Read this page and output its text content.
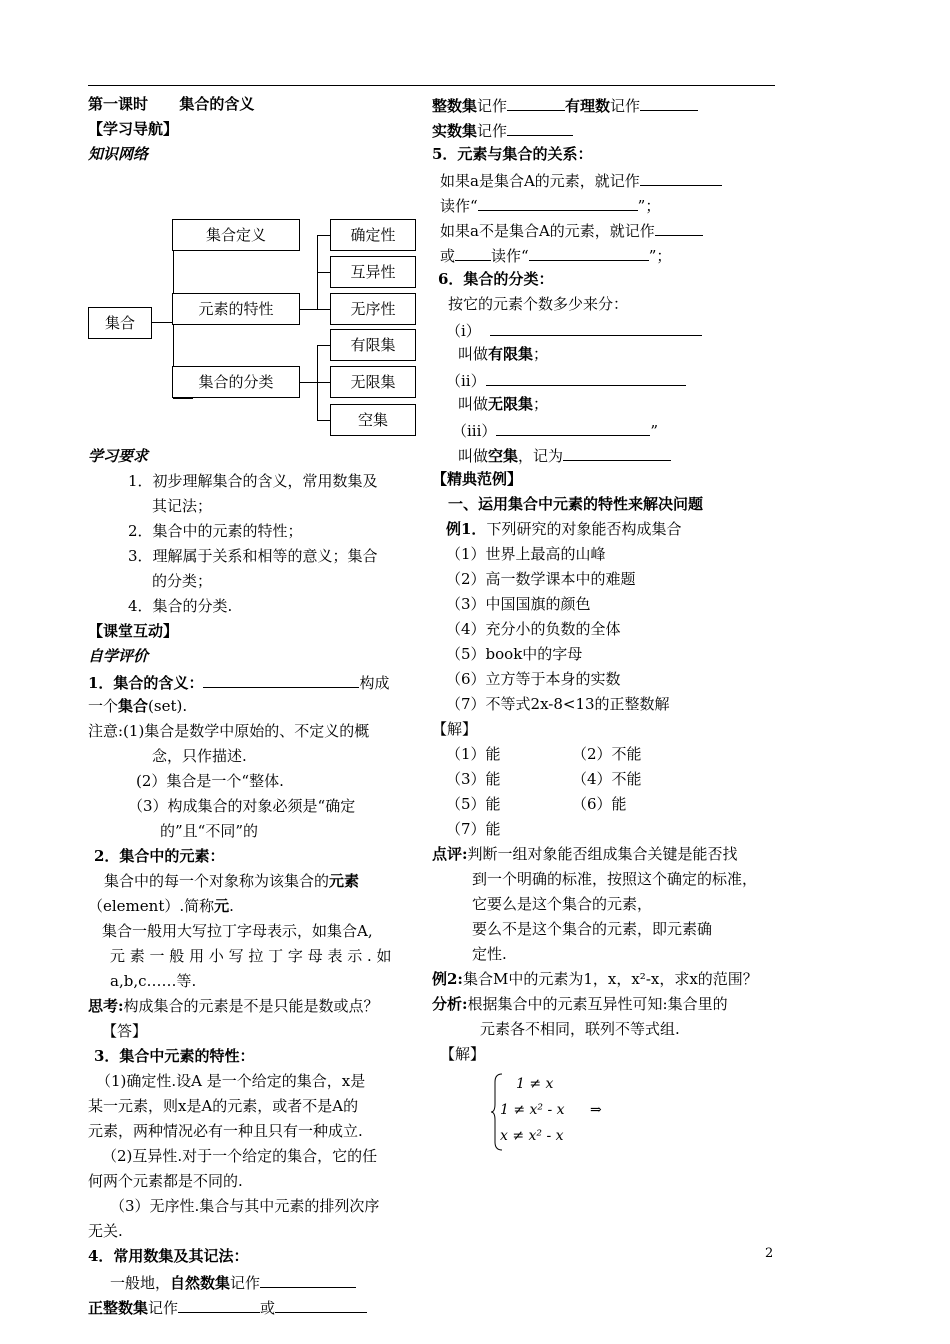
第一课时 集合的含义
【学习导航】
知识网络
集合
集合定义
元素的特性
集合的分类
确定性
互异性
无序性
有限集
无限集
空集
学习要求
1．初步理解集合的含义，常用数集及
其记法；
2．集合中的元素的特性；
3．理解属于关系和相等的意义；集合
的分类；
4．集合的分类.
【课堂互动】
自学评价
1．集合的含义：	构成
一个集合(set).
注意:(1)集合是数学中原始的、不定义的概
念，只作描述.
(2）集合是一个“整体.
（3）构成集合的对象必须是“确定
的”且“不同”的
2．集合中的元素：
集合中的每一个对象称为该集合的元素
（element）.简称元.
集合一般用大写拉丁字母表示，如集合A,
元 素 一 般 用 小 写 拉 丁 字 母 表 示 . 如
a,b,c……等.
思考:构成集合的元素是不是只能是数或点？
【答】
3．集合中元素的特性：
（1)确定性.设A 是一个给定的集合，x是
某一元素，则x是A的元素，或者不是A的
元素，两种情况必有一种且只有一种成立.
（2)互异性.对于一个给定的集合，它的任
何两个元素都是不同的.
（3）无序性.集合与其中元素的排列次序
无关.
4．常用数集及其记法：
一般地，自然数集记作
正整数集记作	或
整数集记作	有理数记作
实数集记作
5．元素与集合的关系：
如果a是集合A的元素，就记作
读作“	”；
如果a不是集合A的元素，就记作
或 读作“	”；
6．集合的分类：
按它的元素个数多少来分：
（i）
叫做有限集；
（ii）
叫做无限集；
（iii）	”
叫做空集，记为
【精典范例】
一、运用集合中元素的特性来解决问题
例1．下列研究的对象能否构成集合
（1）世界上最高的山峰
（2）高一数学课本中的难题
（3）中国国旗的颜色
（4）充分小的负数的全体
（5）book中的字母
（6）立方等于本身的实数
（7）不等式2x-8<13的正整数解
【解】
（1）能	（2）不能
（3）能	（4）不能
（5）能	（6）能
（7）能
点评:判断一组对象能否组成集合关键是能否找
到一个明确的标准，按照这个确定的标准，
它要么是这个集合的元素，
要么不是这个集合的元素，即元素确
定性.
例2:集合M中的元素为1，x，x²-x，求x的范围？
分析:根据集合中的元素互异性可知:集合里的
元素各不相同，联列不等式组.
【解】
1 ≠ x
1 ≠ x² - x
x ≠ x² - x
⇒
2
